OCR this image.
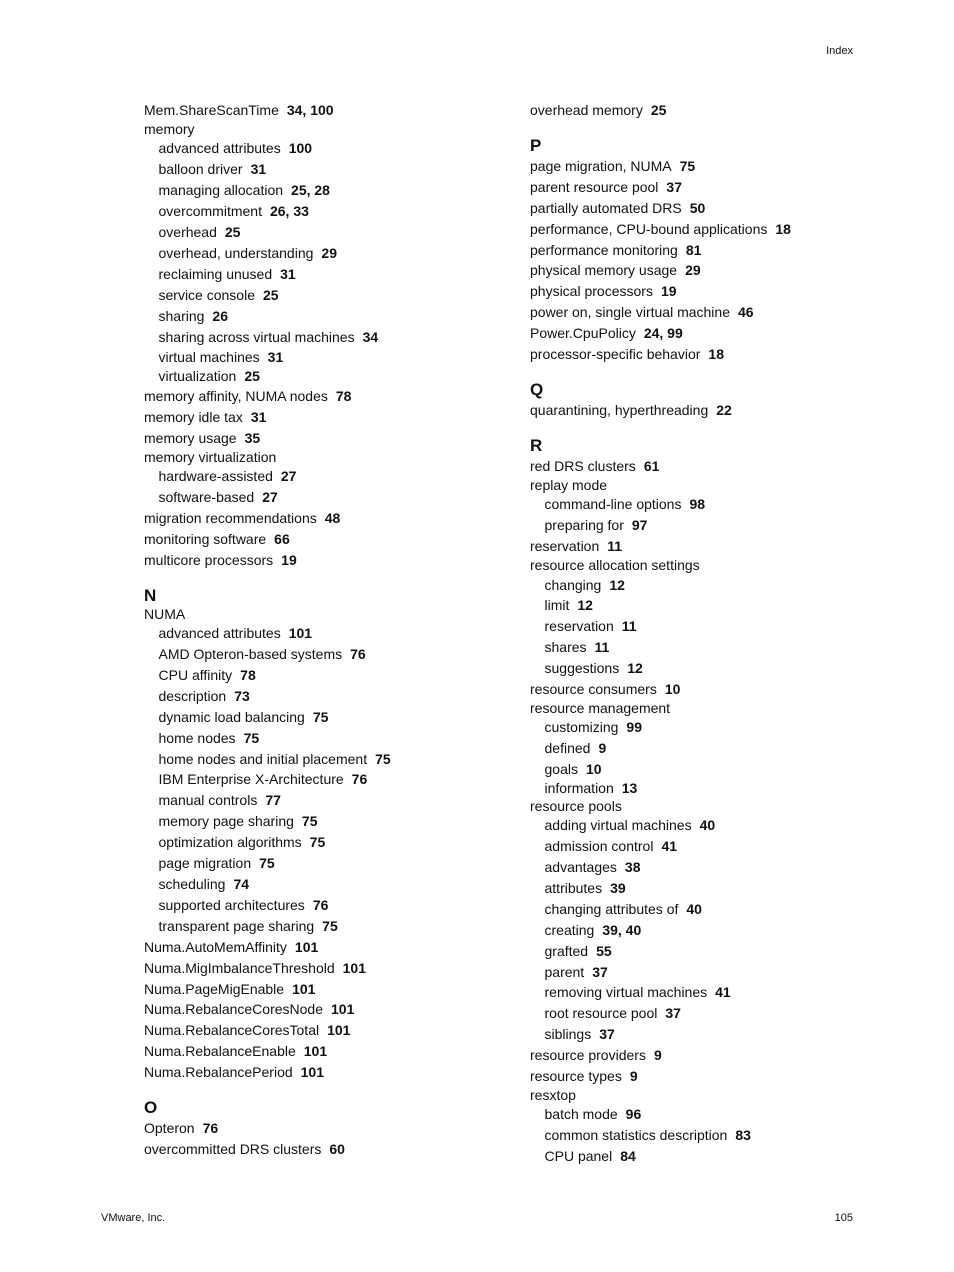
Index
Mem.ShareScanTime 34, 100
memory
advanced attributes 100
balloon driver 31
managing allocation 25, 28
overcommitment 26, 33
overhead 25
overhead, understanding 29
reclaiming unused 31
service console 25
sharing 26
sharing across virtual machines 34
virtual machines 31
virtualization 25
memory affinity, NUMA nodes 78
memory idle tax 31
memory usage 35
memory virtualization
hardware-assisted 27
software-based 27
migration recommendations 48
monitoring software 66
multicore processors 19
N
NUMA
advanced attributes 101
AMD Opteron-based systems 76
CPU affinity 78
description 73
dynamic load balancing 75
home nodes 75
home nodes and initial placement 75
IBM Enterprise X-Architecture 76
manual controls 77
memory page sharing 75
optimization algorithms 75
page migration 75
scheduling 74
supported architectures 76
transparent page sharing 75
Numa.AutoMemAffinity 101
Numa.MigImbalanceThreshold 101
Numa.PageMigEnable 101
Numa.RebalanceCoresNode 101
Numa.RebalanceCoresTotal 101
Numa.RebalanceEnable 101
Numa.RebalancePeriod 101
O
Opteron 76
overcommitted DRS clusters 60
overhead memory 25
P
page migration, NUMA 75
parent resource pool 37
partially automated DRS 50
performance, CPU-bound applications 18
performance monitoring 81
physical memory usage 29
physical processors 19
power on, single virtual machine 46
Power.CpuPolicy 24, 99
processor-specific behavior 18
Q
quarantining, hyperthreading 22
R
red DRS clusters 61
replay mode
command-line options 98
preparing for 97
reservation 11
resource allocation settings
changing 12
limit 12
reservation 11
shares 11
suggestions 12
resource consumers 10
resource management
customizing 99
defined 9
goals 10
information 13
resource pools
adding virtual machines 40
admission control 41
advantages 38
attributes 39
changing attributes of 40
creating 39, 40
grafted 55
parent 37
removing virtual machines 41
root resource pool 37
siblings 37
resource providers 9
resource types 9
resxtop
batch mode 96
common statistics description 83
CPU panel 84
VMware, Inc.	105
